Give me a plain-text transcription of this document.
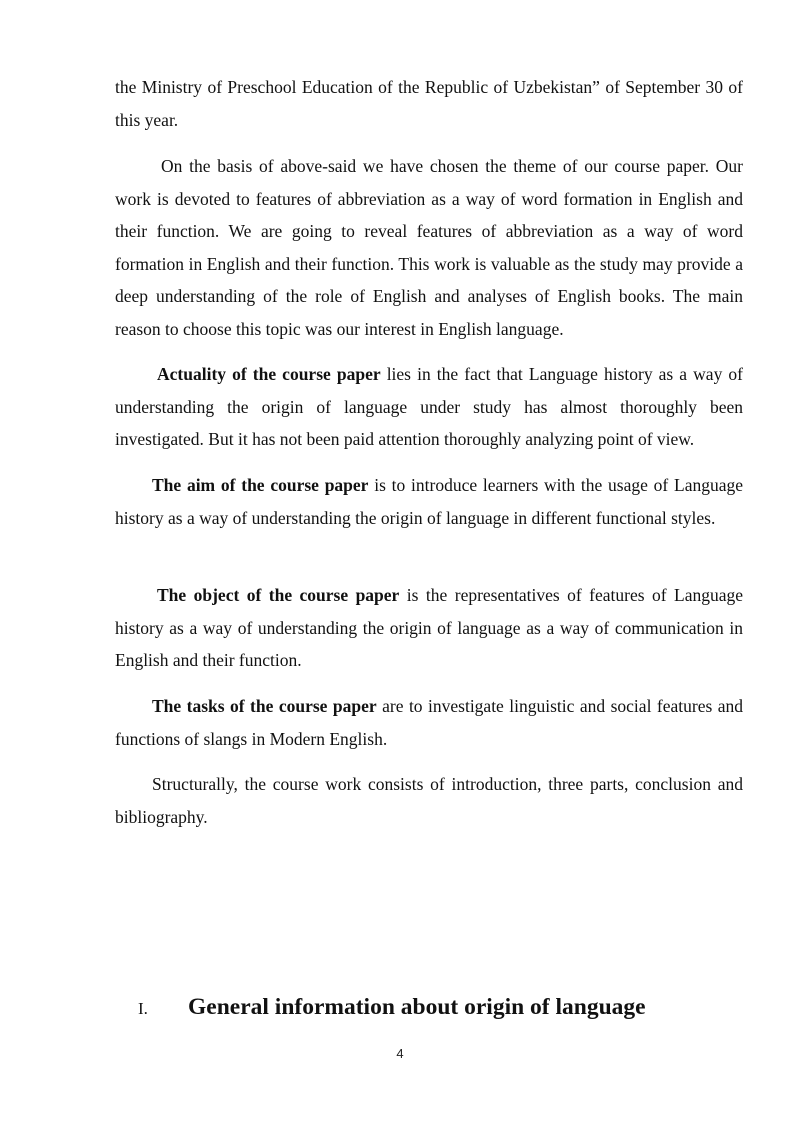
the Ministry of Preschool Education of the Republic of Uzbekistan” of September 30 of this year.

On the basis of above-said we have chosen the theme of our course paper. Our work is devoted to features of abbreviation as a way of word formation in English and their function. We are going to reveal features of abbreviation as a way of word formation in English and their function. This work is valuable as the study may provide a deep understanding of the role of English and analyses of English books. The main reason to choose this topic was our interest in English language.

Actuality of the course paper lies in the fact that Language history as a way of understanding the origin of language under study has almost thoroughly been investigated. But it has not been paid attention thoroughly analyzing point of view.

The aim of the course paper is to introduce learners with the usage of Language history as a way of understanding the origin of language in different functional styles.

The object of the course paper is the representatives of features of Language history as a way of understanding the origin of language as a way of communication in English and their function.

The tasks of the course paper are to investigate linguistic and social features and functions of slangs in Modern English.

Structurally, the course work consists of introduction, three parts, conclusion and bibliography.

I.	General information about origin of language
4
